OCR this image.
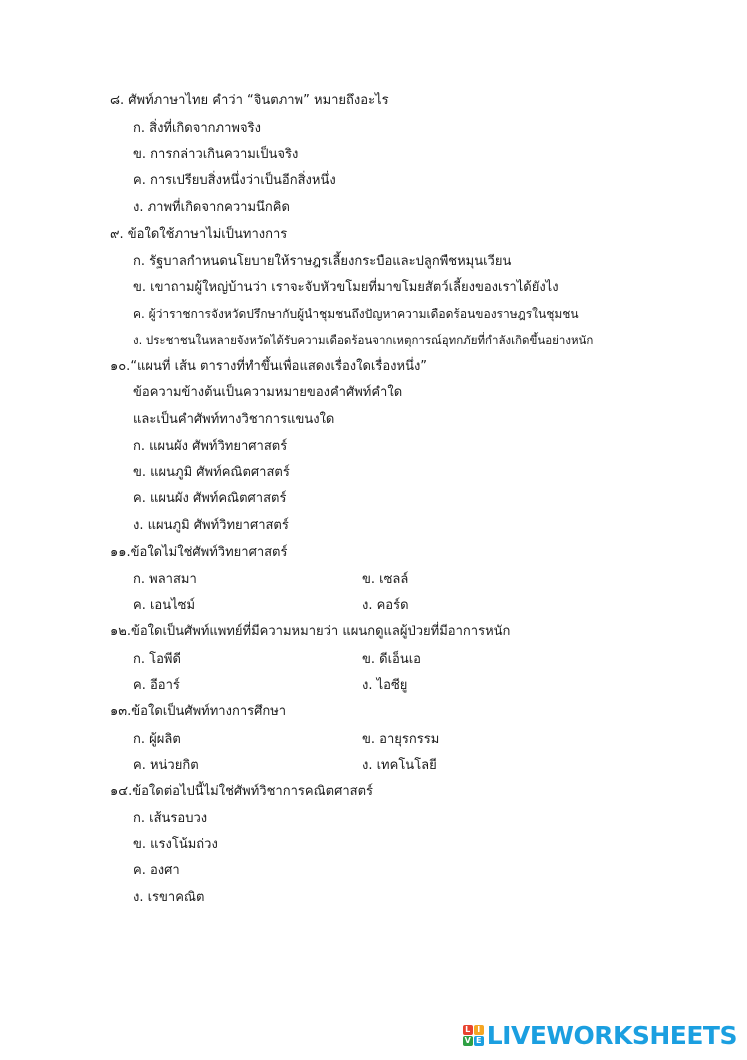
๘. ศัพท์ภาษาไทย คำว่า “จินตภาพ” หมายถึงอะไร
ก. สิ่งที่เกิดจากภาพจริง
ข. การกล่าวเกินความเป็นจริง
ค. การเปรียบสิ่งหนึ่งว่าเป็นอีกสิ่งหนึ่ง
ง. ภาพที่เกิดจากความนึกคิด
๙. ข้อใดใช้ภาษาไม่เป็นทางการ
ก. รัฐบาลกำหนดนโยบายให้ราษฎรเลี้ยงกระบือและปลูกพืชหมุนเวียน
ข. เขาถามผู้ใหญ่บ้านว่า เราจะจับหัวขโมยที่มาขโมยสัตว์เลี้ยงของเราได้ยังไง
ค. ผู้ว่าราชการจังหวัดปรึกษากับผู้นำชุมชนถึงปัญหาความเดือดร้อนของราษฎรในชุมชน
ง. ประชาชนในหลายจังหวัดได้รับความเดือดร้อนจากเหตุการณ์อุทกภัยที่กำลังเกิดขึ้นอย่างหนัก
๑๐.“แผนที่ เส้น ตารางที่ทำขึ้นเพื่อแสดงเรื่องใดเรื่องหนึ่ง”
ข้อความข้างต้นเป็นความหมายของคำศัพท์คำใด
และเป็นคำศัพท์ทางวิชาการแขนงใด
ก. แผนผัง ศัพท์วิทยาศาสตร์
ข. แผนภูมิ ศัพท์คณิตศาสตร์
ค. แผนผัง ศัพท์คณิตศาสตร์
ง. แผนภูมิ ศัพท์วิทยาศาสตร์
๑๑.ข้อใดไม่ใช่ศัพท์วิทยาศาสตร์
ก. พลาสมา	ข. เซลล์
ค. เอนไซม์	ง. คอร์ด
๑๒.ข้อใดเป็นศัพท์แพทย์ที่มีความหมายว่า แผนกดูแลผู้ป่วยที่มีอาการหนัก
ก. โอพีดี	ข. ดีเอ็นเอ
ค. อีอาร์	ง. ไอซียู
๑๓.ข้อใดเป็นศัพท์ทางการศึกษา
ก. ผู้ผลิต	ข. อายุรกรรม
ค. หน่วยกิต	ง. เทคโนโลยี
๑๔.ข้อใดต่อไปนี้ไม่ใช่ศัพท์วิชาการคณิตศาสตร์
ก. เส้นรอบวง
ข. แรงโน้มถ่วง
ค. องศา
ง. เรขาคณิต
L I
V E LIVEWORKSHEETS
